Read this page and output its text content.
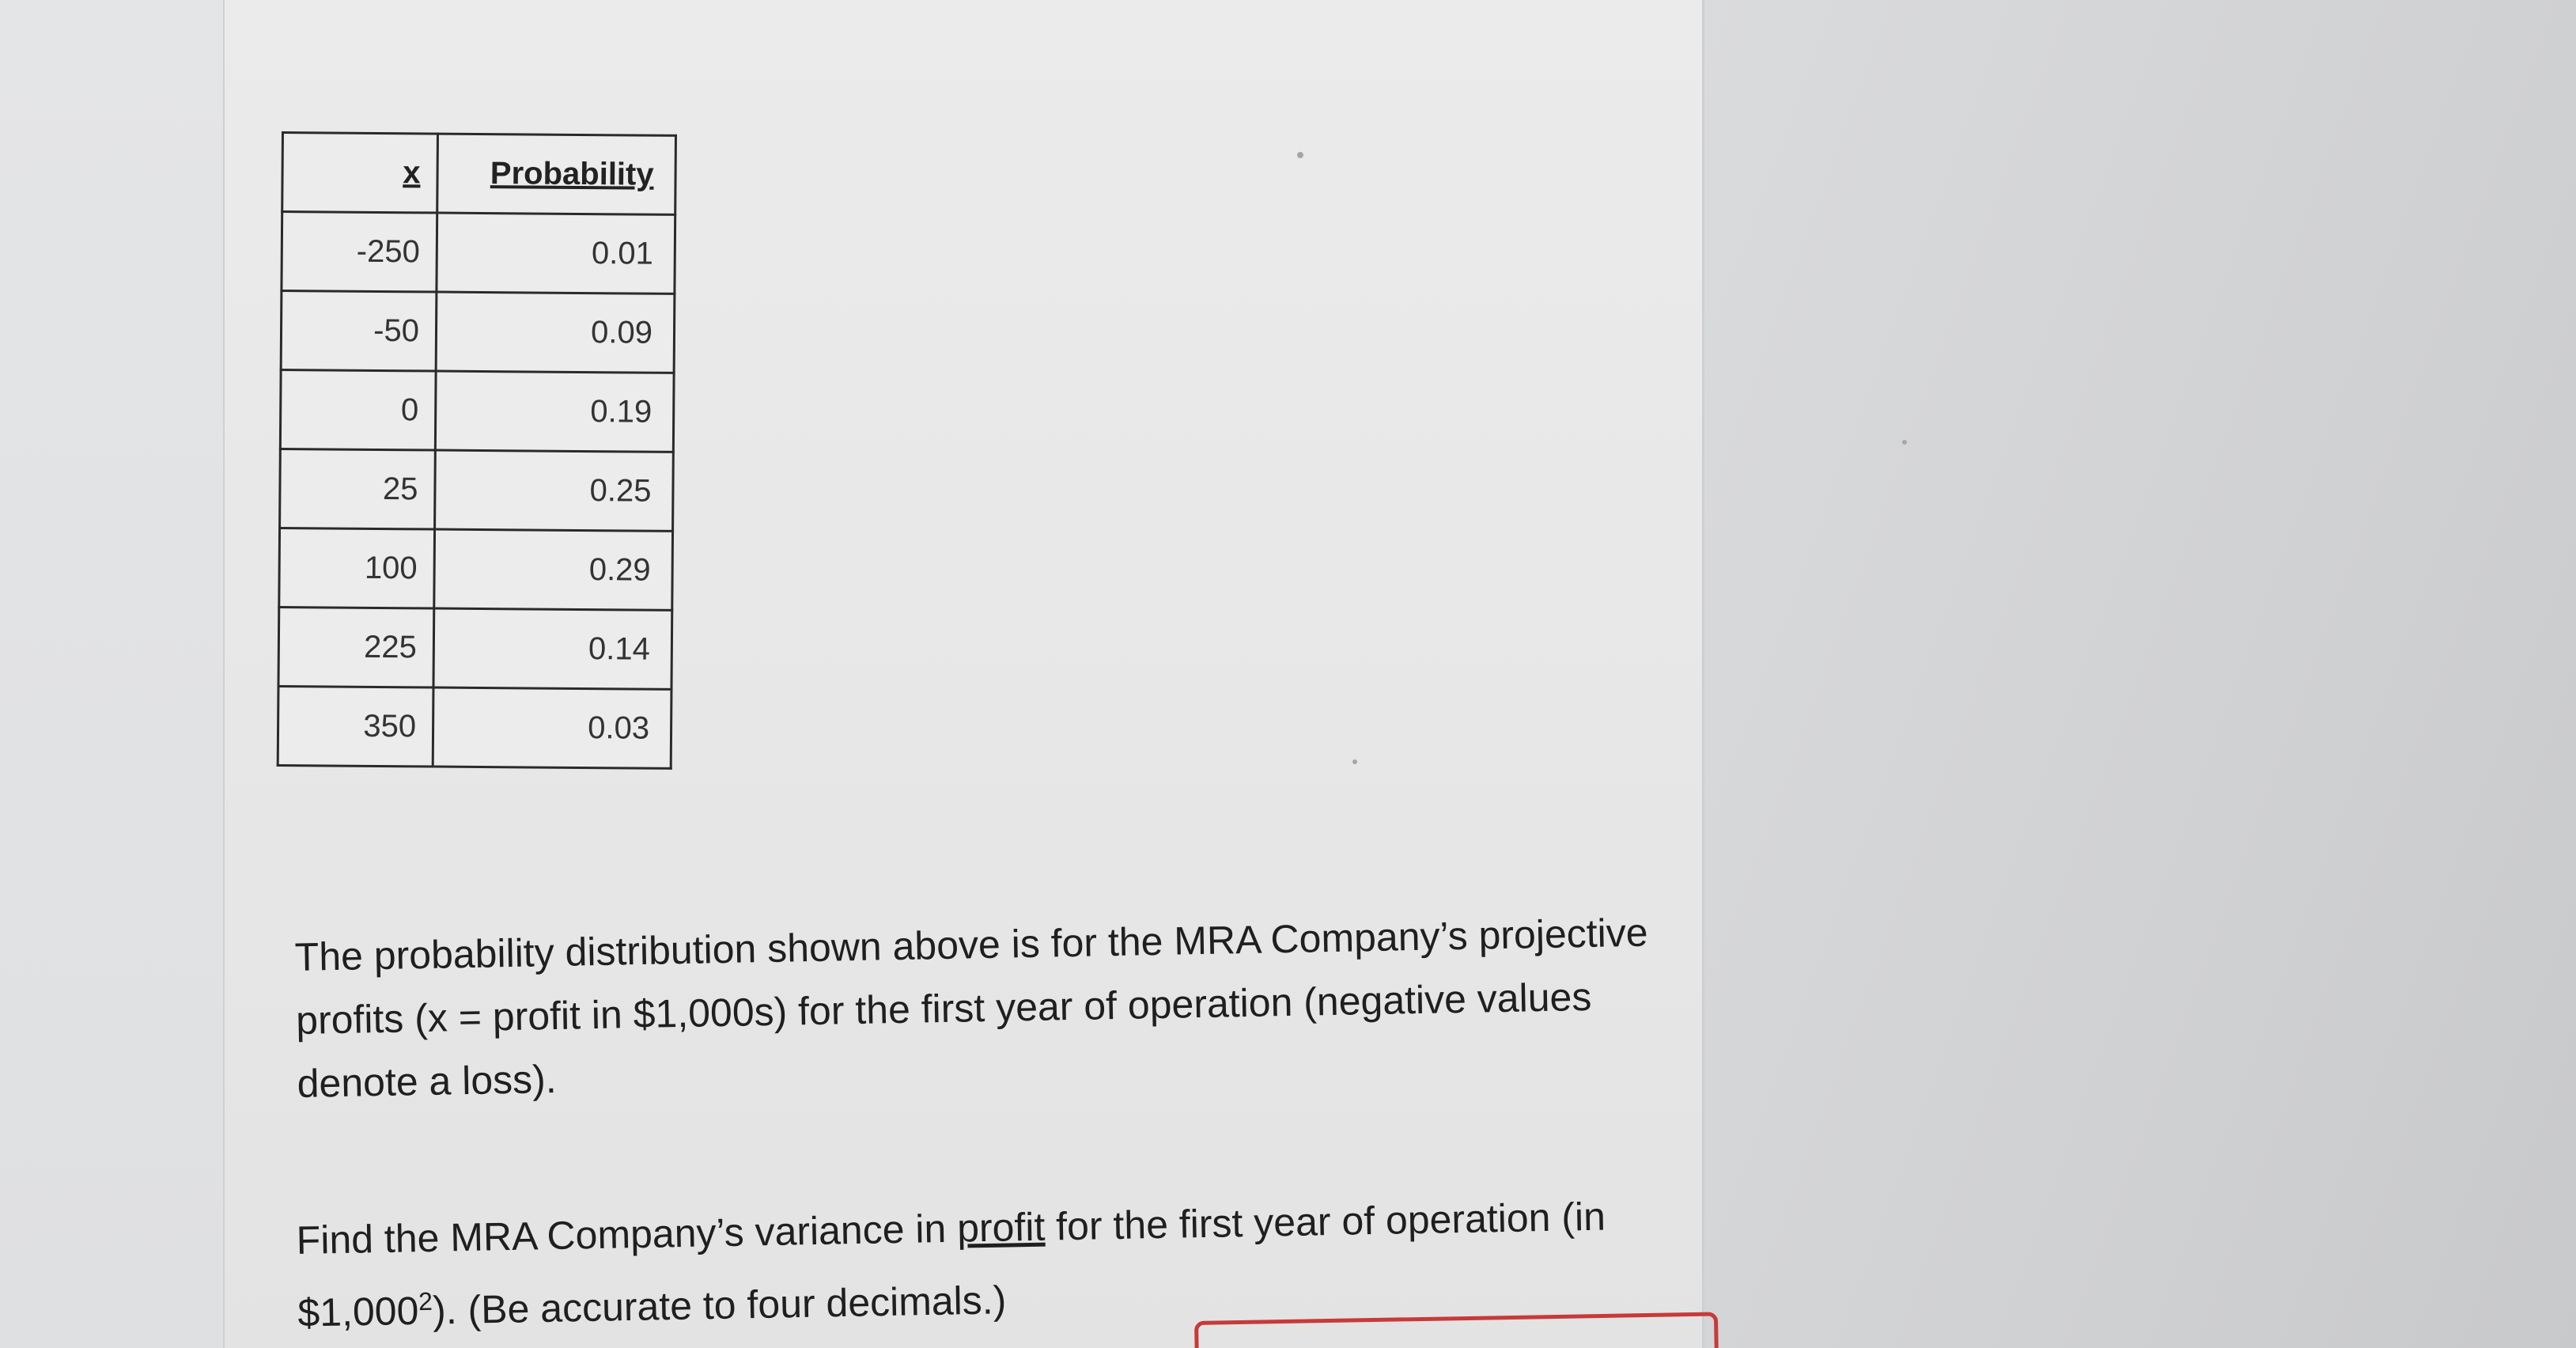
x	Probability
-250	0.01
-50	0.09
0	0.19
25	0.25
100	0.29
225	0.14
350	0.03

The probability distribution shown above is for the MRA Company’s projective profits (x = profit in $1,000s) for the first year of operation (negative values denote a loss).

Find the MRA Company’s variance in profit for the first year of operation (in $1,000$^2$). (Be accurate to four decimals.)
